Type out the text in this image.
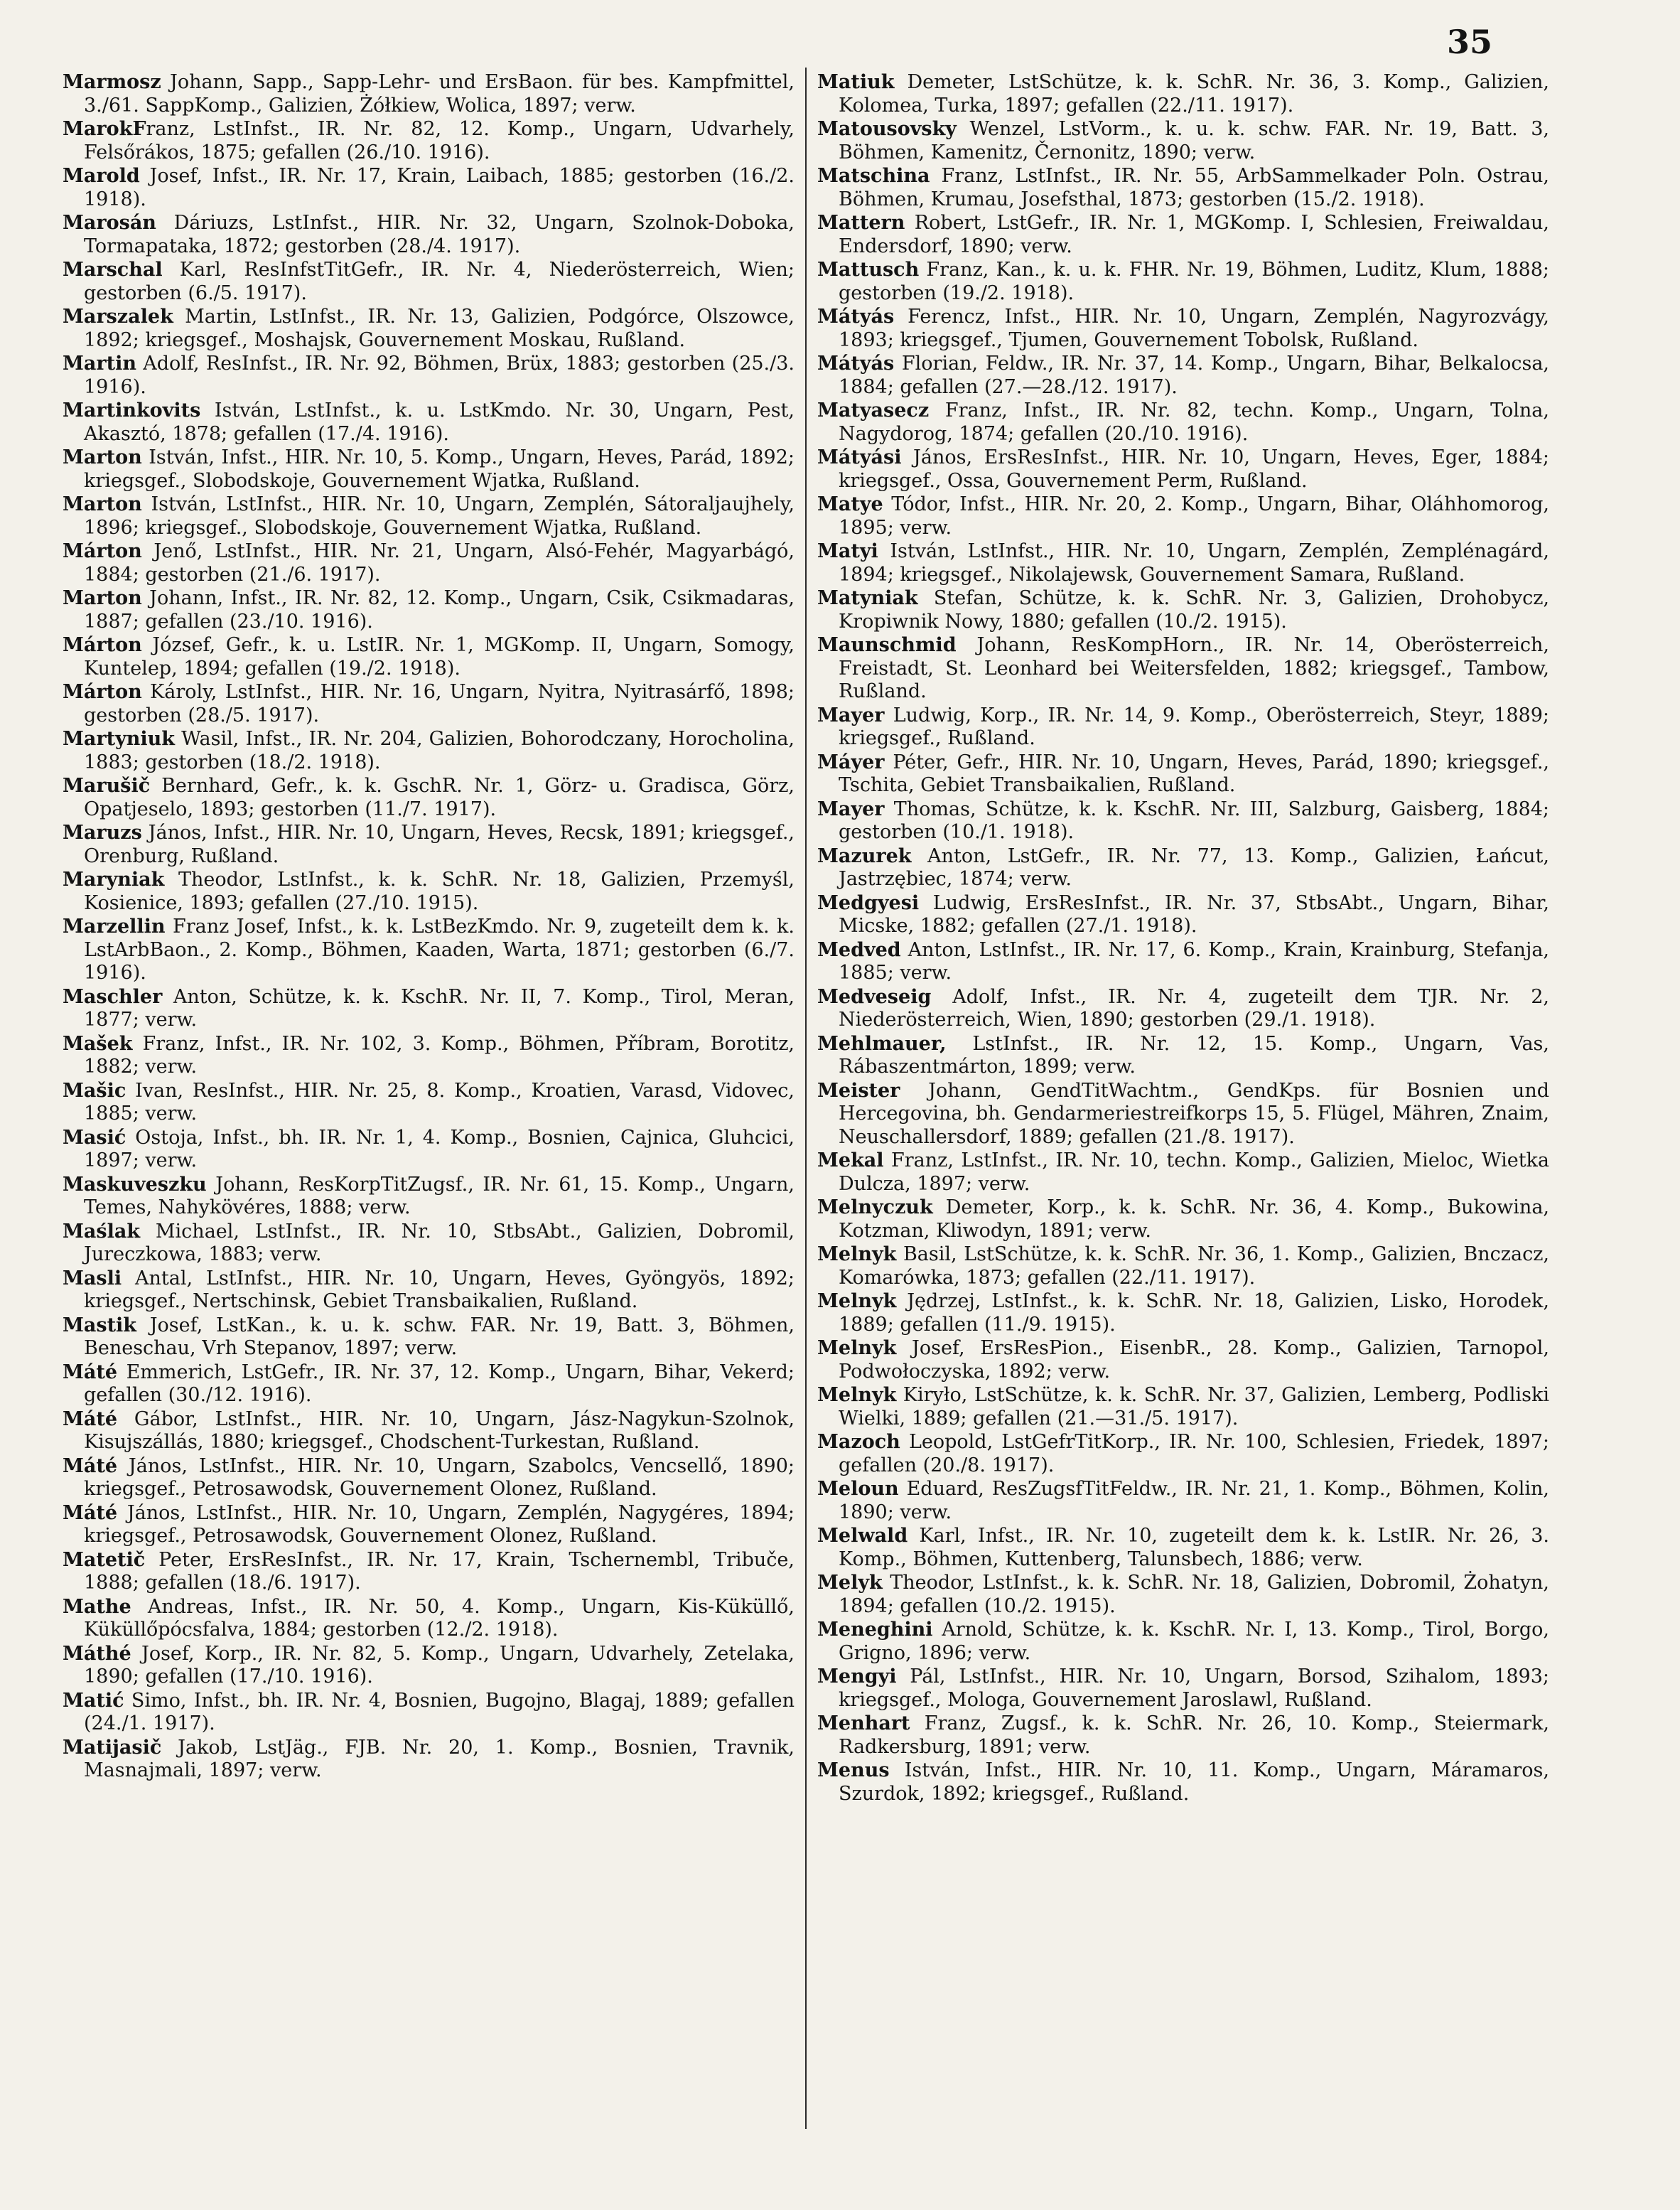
35

Marmosz Johann, Sapp., Sapp-Lehr- und ErsBaon. für bes. Kampfmittel, 3./61. SappKomp., Galizien, Żółkiew, Wolica, 1897; verw.

MarokFranz, LstInfst., IR. Nr. 82, 12. Komp., Ungarn, Udvarhely, Felsőrákos, 1875; gefallen (26./10. 1916).

Marold Josef, Infst., IR. Nr. 17, Krain, Laibach, 1885; gestorben (16./2. 1918).

Marosán Dáriuzs, LstInfst., HIR. Nr. 32, Ungarn, Szolnok-Doboka, Tormapataka, 1872; gestorben (28./4. 1917).

Marschal Karl, ResInfstTitGefr., IR. Nr. 4, Niederösterreich, Wien; gestorben (6./5. 1917).

Marszalek Martin, LstInfst., IR. Nr. 13, Galizien, Podgórce, Olszowce, 1892; kriegsgef., Moshajsk, Gouvernement Moskau, Rußland.

Martin Adolf, ResInfst., IR. Nr. 92, Böhmen, Brüx, 1883; gestorben (25./3. 1916).

Martinkovits István, LstInfst., k. u. LstKmdo. Nr. 30, Ungarn, Pest, Akasztó, 1878; gefallen (17./4. 1916).

Marton István, Infst., HIR. Nr. 10, 5. Komp., Ungarn, Heves, Parád, 1892; kriegsgef., Slobodskoje, Gouvernement Wjatka, Rußland.

Marton István, LstInfst., HIR. Nr. 10, Ungarn, Zemplén, Sátoraljaujhely, 1896; kriegsgef., Slobodskoje, Gouvernement Wjatka, Rußland.

Márton Jenő, LstInfst., HIR. Nr. 21, Ungarn, Alsó-Fehér, Magyarbágó, 1884; gestorben (21./6. 1917).

Marton Johann, Infst., IR. Nr. 82, 12. Komp., Ungarn, Csik, Csikmadaras, 1887; gefallen (23./10. 1916).

Márton József, Gefr., k. u. LstIR. Nr. 1, MGKomp. II, Ungarn, Somogy, Kuntelep, 1894; gefallen (19./2. 1918).

Márton Károly, LstInfst., HIR. Nr. 16, Ungarn, Nyitra, Nyitrasárfő, 1898; gestorben (28./5. 1917).

Martyniuk Wasil, Infst., IR. Nr. 204, Galizien, Bohorodczany, Horocholina, 1883; gestorben (18./2. 1918).

Marušič Bernhard, Gefr., k. k. GschR. Nr. 1, Görz- u. Gradisca, Görz, Opatjeselo, 1893; gestorben (11./7. 1917).

Maruzs János, Infst., HIR. Nr. 10, Ungarn, Heves, Recsk, 1891; kriegsgef., Orenburg, Rußland.

Maryniak Theodor, LstInfst., k. k. SchR. Nr. 18, Galizien, Przemyśl, Kosienice, 1893; gefallen (27./10. 1915).

Marzellin Franz Josef, Infst., k. k. LstBezKmdo. Nr. 9, zugeteilt dem k. k. LstArbBaon., 2. Komp., Böhmen, Kaaden, Warta, 1871; gestorben (6./7. 1916).

Maschler Anton, Schütze, k. k. KschR. Nr. II, 7. Komp., Tirol, Meran, 1877; verw.

Mašek Franz, Infst., IR. Nr. 102, 3. Komp., Böhmen, Příbram, Borotitz, 1882; verw.

Mašic Ivan, ResInfst., HIR. Nr. 25, 8. Komp., Kroatien, Varasd, Vidovec, 1885; verw.

Masić Ostoja, Infst., bh. IR. Nr. 1, 4. Komp., Bosnien, Cajnica, Gluhcici, 1897; verw.

Maskuveszku Johann, ResKorpTitZugsf., IR. Nr. 61, 15. Komp., Ungarn, Temes, Nahykövéres, 1888; verw.

Maślak Michael, LstInfst., IR. Nr. 10, StbsAbt., Galizien, Dobromil, Jureczkowa, 1883; verw.

Masli Antal, LstInfst., HIR. Nr. 10, Ungarn, Heves, Gyöngyös, 1892; kriegsgef., Nertschinsk, Gebiet Transbaikalien, Rußland.

Mastik Josef, LstKan., k. u. k. schw. FAR. Nr. 19, Batt. 3, Böhmen, Beneschau, Vrh Stepanov, 1897; verw.

Máté Emmerich, LstGefr., IR. Nr. 37, 12. Komp., Ungarn, Bihar, Vekerd; gefallen (30./12. 1916).

Máté Gábor, LstInfst., HIR. Nr. 10, Ungarn, Jász-Nagykun-Szolnok, Kisujszállás, 1880; kriegsgef., Chodschent-Turkestan, Rußland.

Máté János, LstInfst., HIR. Nr. 10, Ungarn, Szabolcs, Vencsellő, 1890; kriegsgef., Petrosawodsk, Gouvernement Olonez, Rußland.

Máté János, LstInfst., HIR. Nr. 10, Ungarn, Zemplén, Nagygéres, 1894; kriegsgef., Petrosawodsk, Gouvernement Olonez, Rußland.

Matetič Peter, ErsResInfst., IR. Nr. 17, Krain, Tschernembl, Tribuče, 1888; gefallen (18./6. 1917).

Mathe Andreas, Infst., IR. Nr. 50, 4. Komp., Ungarn, Kis-Küküllő, Küküllőpócsfalva, 1884; gestorben (12./2. 1918).

Máthé Josef, Korp., IR. Nr. 82, 5. Komp., Ungarn, Udvarhely, Zetelaka, 1890; gefallen (17./10. 1916).

Matić Simo, Infst., bh. IR. Nr. 4, Bosnien, Bugojno, Blagaj, 1889; gefallen (24./1. 1917).

Matijasič Jakob, LstJäg., FJB. Nr. 20, 1. Komp., Bosnien, Travnik, Masnajmali, 1897; verw.

Matiuk Demeter, LstSchütze, k. k. SchR. Nr. 36, 3. Komp., Galizien, Kolomea, Turka, 1897; gefallen (22./11. 1917).

Matousovsky Wenzel, LstVorm., k. u. k. schw. FAR. Nr. 19, Batt. 3, Böhmen, Kamenitz, Černonitz, 1890; verw.

Matschina Franz, LstInfst., IR. Nr. 55, ArbSammelkader Poln. Ostrau, Böhmen, Krumau, Josefsthal, 1873; gestorben (15./2. 1918).

Mattern Robert, LstGefr., IR. Nr. 1, MGKomp. I, Schlesien, Freiwaldau, Endersdorf, 1890; verw.

Mattusch Franz, Kan., k. u. k. FHR. Nr. 19, Böhmen, Luditz, Klum, 1888; gestorben (19./2. 1918).

Mátyás Ferencz, Infst., HIR. Nr. 10, Ungarn, Zemplén, Nagyrozvágy, 1893; kriegsgef., Tjumen, Gouvernement Tobolsk, Rußland.

Mátyás Florian, Feldw., IR. Nr. 37, 14. Komp., Ungarn, Bihar, Belkalocsa, 1884; gefallen (27.—28./12. 1917).

Matyasecz Franz, Infst., IR. Nr. 82, techn. Komp., Ungarn, Tolna, Nagydorog, 1874; gefallen (20./10. 1916).

Mátyási János, ErsResInfst., HIR. Nr. 10, Ungarn, Heves, Eger, 1884; kriegsgef., Ossa, Gouvernement Perm, Rußland.

Matye Tódor, Infst., HIR. Nr. 20, 2. Komp., Ungarn, Bihar, Oláhhomorog, 1895; verw.

Matyi István, LstInfst., HIR. Nr. 10, Ungarn, Zemplén, Zemplénagárd, 1894; kriegsgef., Nikolajewsk, Gouvernement Samara, Rußland.

Matyniak Stefan, Schütze, k. k. SchR. Nr. 3, Galizien, Drohobycz, Kropiwnik Nowy, 1880; gefallen (10./2. 1915).

Maunschmid Johann, ResKompHorn., IR. Nr. 14, Oberösterreich, Freistadt, St. Leonhard bei Weitersfelden, 1882; kriegsgef., Tambow, Rußland.

Mayer Ludwig, Korp., IR. Nr. 14, 9. Komp., Oberösterreich, Steyr, 1889; kriegsgef., Rußland.

Máyer Péter, Gefr., HIR. Nr. 10, Ungarn, Heves, Parád, 1890; kriegsgef., Tschita, Gebiet Transbaikalien, Rußland.

Mayer Thomas, Schütze, k. k. KschR. Nr. III, Salzburg, Gaisberg, 1884; gestorben (10./1. 1918).

Mazurek Anton, LstGefr., IR. Nr. 77, 13. Komp., Galizien, Łańcut, Jastrzębiec, 1874; verw.

Medgyesi Ludwig, ErsResInfst., IR. Nr. 37, StbsAbt., Ungarn, Bihar, Micske, 1882; gefallen (27./1. 1918).

Medved Anton, LstInfst., IR. Nr. 17, 6. Komp., Krain, Krainburg, Stefanja, 1885; verw.

Medveseig Adolf, Infst., IR. Nr. 4, zugeteilt dem TJR. Nr. 2, Niederösterreich, Wien, 1890; gestorben (29./1. 1918).

Mehlmauer, LstInfst., IR. Nr. 12, 15. Komp., Ungarn, Vas, Rábaszentmárton, 1899; verw.

Meister Johann, GendTitWachtm., GendKps. für Bosnien und Hercegovina, bh. Gendarmeriestreifkorps 15, 5. Flügel, Mähren, Znaim, Neuschallersdorf, 1889; gefallen (21./8. 1917).

Mekal Franz, LstInfst., IR. Nr. 10, techn. Komp., Galizien, Mieloc, Wietka Dulcza, 1897; verw.

Melnyczuk Demeter, Korp., k. k. SchR. Nr. 36, 4. Komp., Bukowina, Kotzman, Kliwodyn, 1891; verw.

Melnyk Basil, LstSchütze, k. k. SchR. Nr. 36, 1. Komp., Galizien, Bnczacz, Komarówka, 1873; gefallen (22./11. 1917).

Melnyk Jędrzej, LstInfst., k. k. SchR. Nr. 18, Galizien, Lisko, Horodek, 1889; gefallen (11./9. 1915).

Melnyk Josef, ErsResPion., EisenbR., 28. Komp., Galizien, Tarnopol, Podwołoczyska, 1892; verw.

Melnyk Kiryło, LstSchütze, k. k. SchR. Nr. 37, Galizien, Lemberg, Podliski Wielki, 1889; gefallen (21.—31./5. 1917).

Mazoch Leopold, LstGefrTitKorp., IR. Nr. 100, Schlesien, Friedek, 1897; gefallen (20./8. 1917).

Meloun Eduard, ResZugsfTitFeldw., IR. Nr. 21, 1. Komp., Böhmen, Kolin, 1890; verw.

Melwald Karl, Infst., IR. Nr. 10, zugeteilt dem k. k. LstIR. Nr. 26, 3. Komp., Böhmen, Kuttenberg, Talunsbech, 1886; verw.

Melyk Theodor, LstInfst., k. k. SchR. Nr. 18, Galizien, Dobromil, Żohatyn, 1894; gefallen (10./2. 1915).

Meneghini Arnold, Schütze, k. k. KschR. Nr. I, 13. Komp., Tirol, Borgo, Grigno, 1896; verw.

Mengyi Pál, LstInfst., HIR. Nr. 10, Ungarn, Borsod, Szihalom, 1893; kriegsgef., Mologa, Gouvernement Jaroslawl, Rußland.

Menhart Franz, Zugsf., k. k. SchR. Nr. 26, 10. Komp., Steiermark, Radkersburg, 1891; verw.

Menus István, Infst., HIR. Nr. 10, 11. Komp., Ungarn, Máramaros, Szurdok, 1892; kriegsgef., Rußland.
